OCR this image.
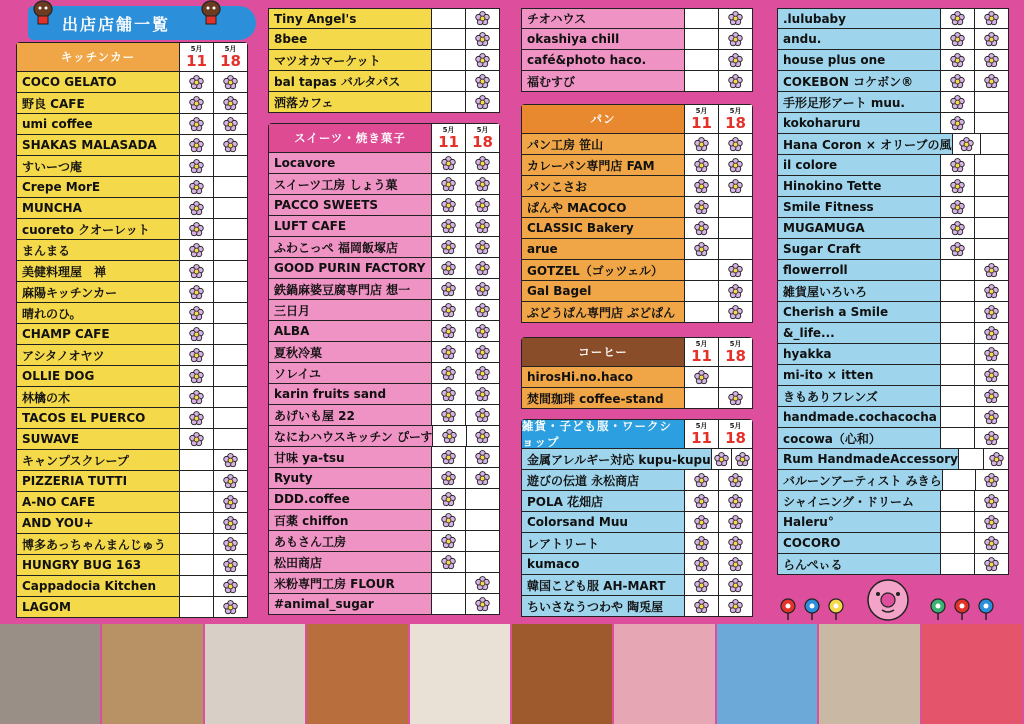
出店店舗一覧
キッチンカー
5月
11
5月
18
COCO GELATO
野良 CAFE
umi coffee
SHAKAS MALASADA
すいーつ庵
Crepe MorE
MUNCHA
cuoreto クオーレット
まんまる
美健料理屋　禅
麻陽キッチンカー
晴れのひ。
CHAMP CAFE
アシタノオヤツ
OLLIE DOG
林檎の木
TACOS EL PUERCO
SUWAVE
キャンプスクレープ
PIZZERIA TUTTI
A-NO CAFE
AND YOU+
博多あっちゃんまんじゅう
HUNGRY BUG 163
Cappadocia Kitchen
LAGOM
Tiny Angel's
8bee
マツオカマーケット
bal tapas バルタパス
洒落カフェ
スイーツ・焼き菓子
5月
11
5月
18
Locavore
スイーツ工房 しょう菓
PACCO SWEETS
LUFT CAFE
ふわこっぺ 福岡飯塚店
GOOD PURIN FACTORY
鉄鍋麻婆豆腐専門店 想一
三日月
ALBA
夏秋冷菓
ソレイユ
karin fruits sand
あげいも屋 22
なにわハウスキッチン ぴーす
甘味 ya-tsu
Ryuty
DDD.coffee
百薬 chiffon
あもさん工房
松田商店
米粉専門工房 FLOUR
#animal_sugar
チオハウス
okashiya chill
café&photo haco.
福むすび
パン
5月
11
5月
18
パン工房 笹山
カレーパン専門店 FAM
パンこさお
ぱんや MACOCO
CLASSIC Bakery
arue
GOTZEL（ゴッツェル）
Gal Bagel
ぶどうぱん専門店 ぶどぱん
コーヒー
5月
11
5月
18
hirosHi.no.haco
焚間珈琲 coffee-stand
雑貨・子ども服・ワークショップ
5月
11
5月
18
金属アレルギー対応 kupu-kupu
遊びの伝道 永松商店
POLA 花畑店
Colorsand Muu
レアトリート
kumaco
韓国こども服 AH-MART
ちいさなうつわや 陶兎屋
.lulubaby
andu.
house plus one
COKEBON コケボン®
手形足形アート muu.
kokoharuru
Hana Coron × オリーブの風
il colore
Hinokino Tette
Smile Fitness
MUGAMUGA
Sugar Craft
flowerroll
雑貨屋いろいろ
Cherish a Smile
&_life...
hyakka
mi-ito × itten
きもありフレンズ
handmade.cochacocha
cocowa（心和）
Rum HandmadeAccessory
バルーンアーティスト みきら
シャイニング・ドリーム
Haleru°
COCORO
らんぺぃる
